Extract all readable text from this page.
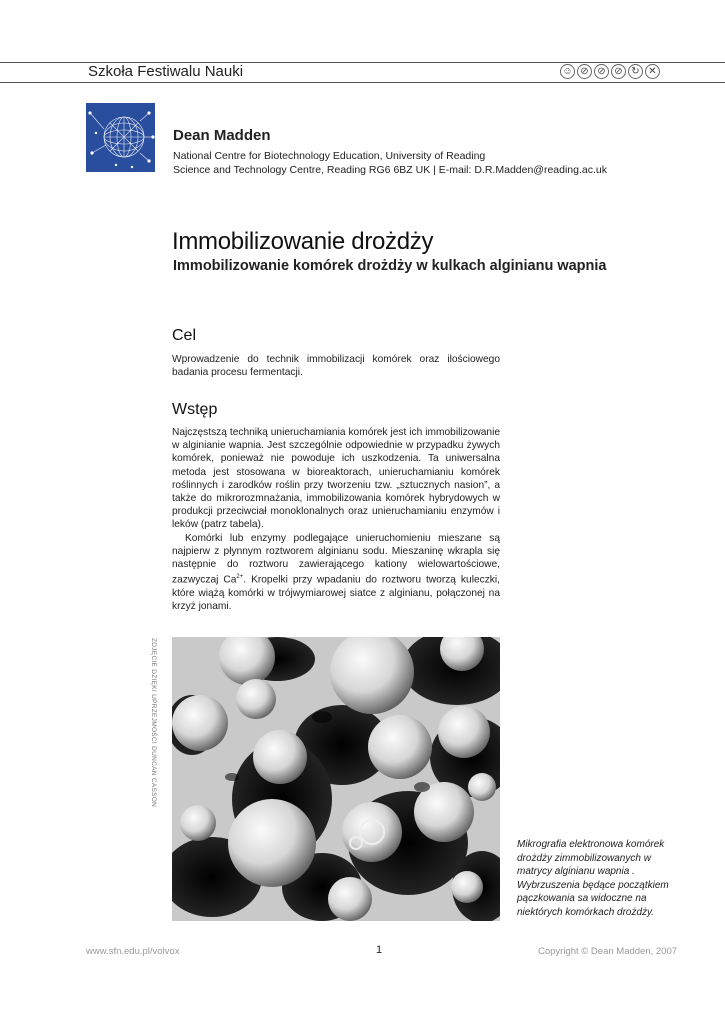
Szkoła Festiwalu Nauki	☺ ⊘ ⊘ ⊘ ↻ ✕
Dean Madden
National Centre for Biotechnology Education, University of Reading
Science and Technology Centre, Reading RG6 6BZ UK | E-mail: D.R.Madden@reading.ac.uk
Immobilizowanie drożdży
Immobilizowanie komórek drożdży w kulkach alginianu wapnia
Cel

Wprowadzenie do technik immobilizacji komórek oraz ilościowego badania procesu fermentacji.

Wstęp

Najczęstszą techniką unieruchamiania komórek jest ich immobilizowanie w alginianie wapnia. Jest szczególnie odpowiednie w przypadku żywych komórek, ponieważ nie powoduje ich uszkodzenia. Ta uniwersalna metoda jest stosowana w bioreaktorach, unieruchamianiu komórek roślinnych i zarodków roślin przy tworzeniu tzw. „sztucznych nasion”, a także do mikrorozmnażania, immobilizowania komórek hybrydowych w produkcji przeciwciał monoklonalnych oraz unieruchamianiu enzymów i leków (patrz tabela).

Komórki lub enzymy podlegające unieruchomieniu mieszane są najpierw z płynnym roztworem alginianu sodu. Mieszaninę wkrapla się następnie do roztworu zawierającego kationy wielowartościowe, zazwyczaj $Ca^{2+}$. Kropelki przy wpadaniu do roztworu tworzą kuleczki, które wiążą komórki w trójwymiarowej siatce z alginianu, połączonej na krzyż jonami.

ZDJĘCIE DZIĘKI UPRZEJMOŚCI DUNCAN CASSON
Mikrografia elektronowa komórek drożdży zimmobilizowanych w matrycy alginianu wapnia . Wybrzuszenia będące początkiem pączkowania sa widoczne na niektórych komórkach drożdży.
www.sfn.edu.pl/volvox	1	Copyright © Dean Madden, 2007
